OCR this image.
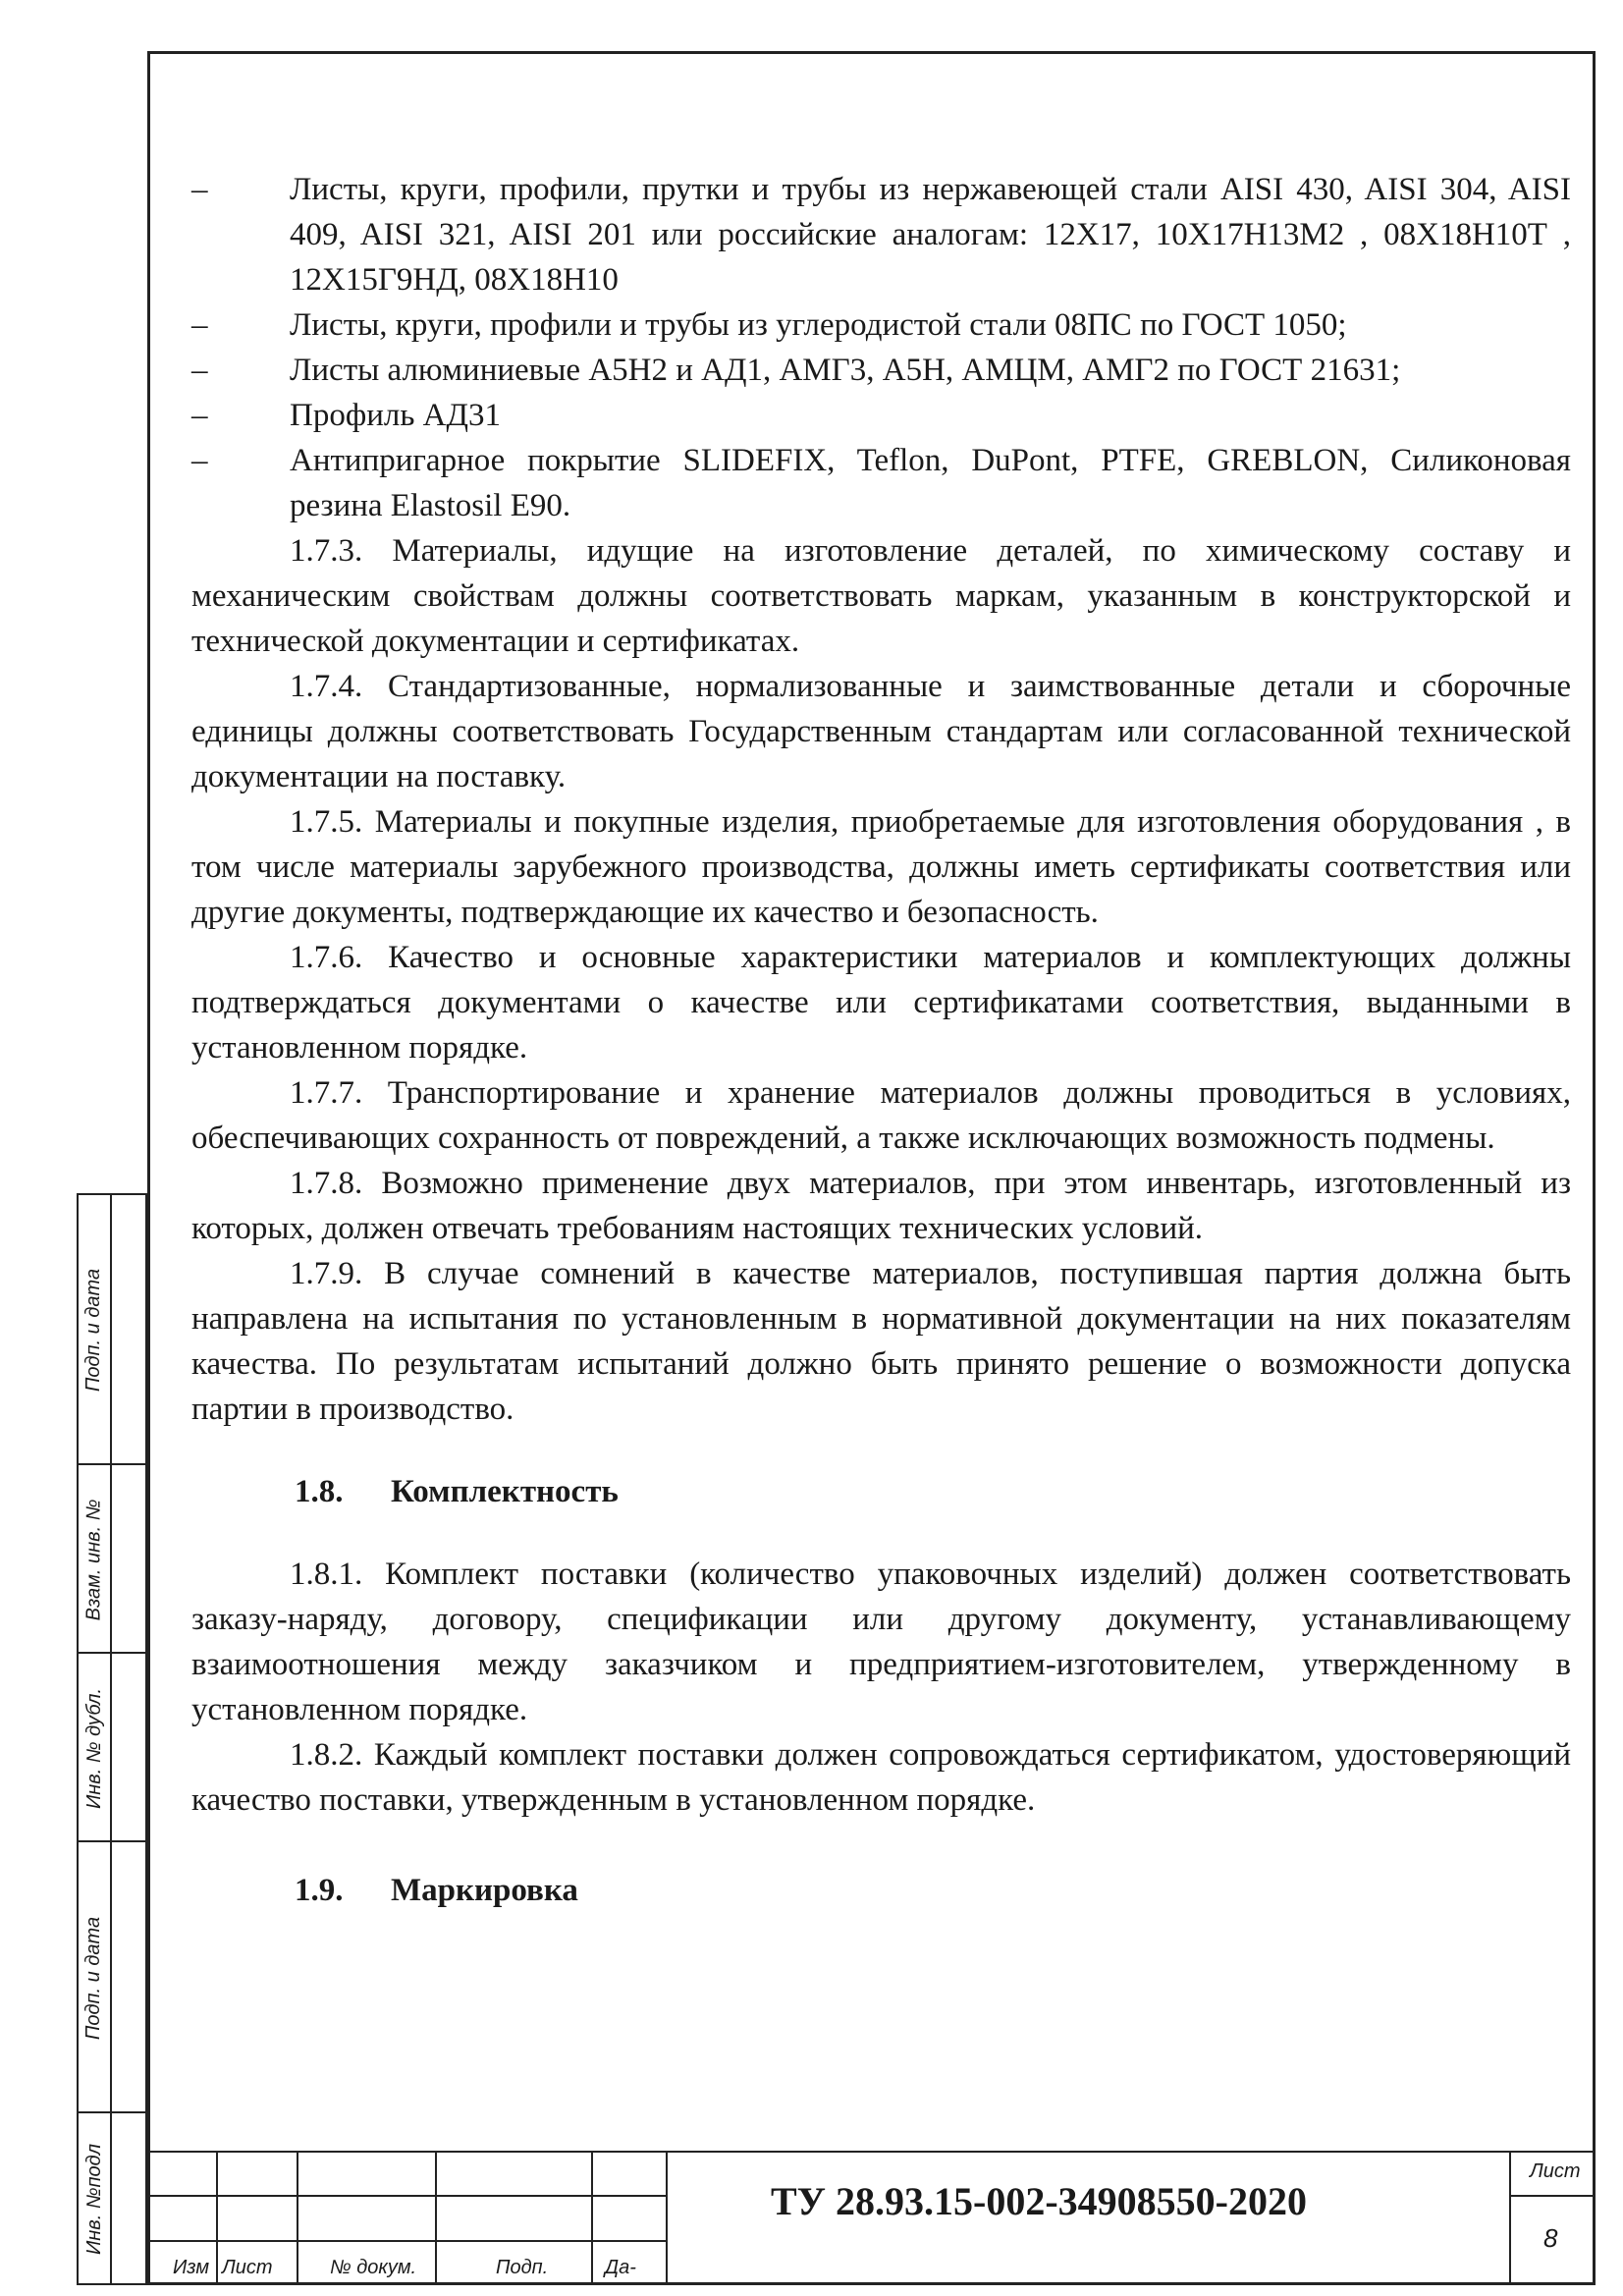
–	Листы, круги, профили, прутки и трубы из нержавеющей стали AISI 430, AISI 304, AISI 409, AISI 321, AISI 201 или российские аналогам: 12Х17, 10Х17Н13М2 , 08Х18Н10Т , 12Х15Г9НД, 08Х18Н10
–	Листы, круги, профили и трубы из углеродистой стали 08ПС по ГОСТ 1050;
–	Листы алюминиевые А5Н2 и АД1, АМГ3, А5Н, АМЦМ, АМГ2 по ГОСТ 21631;
–	Профиль АД31
–	Антипригарное покрытие SLIDEFIX, Teflon, DuPont, PTFE, GREBLON, Силиконовая резина Elastosil E90.

1.7.3. Материалы, идущие на изготовление деталей, по химическому составу и механическим свойствам должны соответствовать маркам, указанным в конструкторской и технической документации и сертификатах.

1.7.4. Стандартизованные, нормализованные и заимствованные детали и сборочные единицы должны соответствовать Государственным стандартам или согласованной технической документации на поставку.

1.7.5. Материалы и покупные изделия, приобретаемые для изготовления оборудования , в том числе материалы зарубежного производства, должны иметь сертификаты соответствия или другие документы, подтверждающие их качество и безопасность.

1.7.6. Качество и основные характеристики материалов и комплектующих должны подтверждаться документами о качестве или сертификатами соответствия, выданными в установленном порядке.

1.7.7. Транспортирование и хранение материалов должны проводиться в условиях, обеспечивающих сохранность от повреждений, а также исключающих возможность подмены.

1.7.8. Возможно применение двух материалов, при этом инвентарь, изготовленный из которых, должен отвечать требованиям настоящих технических условий.

1.7.9. В случае сомнений в качестве материалов, поступившая партия должна быть направлена на испытания по установленным в нормативной документации на них показателям качества. По результатам испытаний должно быть принято решение о возможности допуска партии в производство.

1.8. Комплектность

1.8.1. Комплект поставки (количество упаковочных изделий) должен соответствовать заказу-наряду, договору, спецификации или другому документу, устанавливающему взаимоотношения между заказчиком и предприятием-изготовителем, утвержденному в установленном порядке.

1.8.2. Каждый комплект поставки должен сопровождаться сертификатом, удостоверяющий качество поставки, утвержденным в установленном порядке.

1.9. Маркировка
Подп. и дата
Взам. инв. №
Инв. № дубл.
Подп. и дата
Инв. №подл
Изм Лист	№ докум.	Подп.	Да-
ТУ 28.93.15-002-34908550-2020
Лист
8
